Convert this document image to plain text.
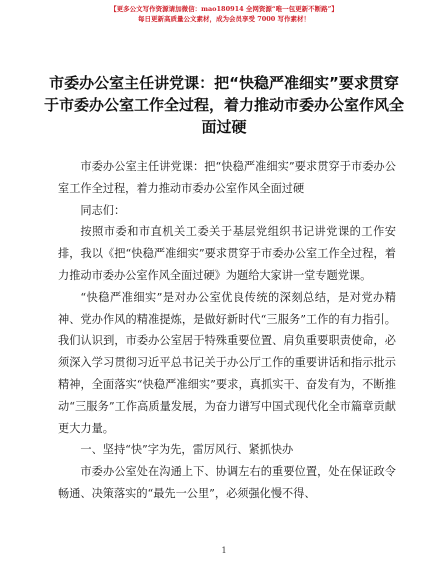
【更多公文写作资源请加微信：mao180914 全网资源“唯一包更新不断路”】
每日更新高质量公文素材，成为会员享受 7000 写作素材！
市委办公室主任讲党课：把“快稳严准细实”要求贯穿于市委办公室工作全过程，着力推动市委办公室作风全面过硬

市委办公室主任讲党课：把“快稳严准细实”要求贯穿于市委办公室工作全过程，着力推动市委办公室作风全面过硬

同志们：

按照市委和市直机关工委关于基层党组织书记讲党课的工作安排，我以《把“快稳严准细实”要求贯穿于市委办公室工作全过程，着力推动市委办公室作风全面过硬》为题给大家讲一堂专题党课。

“快稳严准细实”是对办公室优良传统的深刻总结，是对党办精神、党办作风的精准提炼，是做好新时代“三服务”工作的有力指引。我们认识到，市委办公室居于特殊重要位置、肩负重要职责使命，必须深入学习贯彻习近平总书记关于办公厅工作的重要讲话和指示批示精神，全面落实“快稳严准细实”要求，真抓实干、奋发有为，不断推动“三服务”工作高质量发展，为奋力谱写中国式现代化全市篇章贡献更大力量。

一、坚持“快”字为先，雷厉风行、紧抓快办

市委办公室处在沟通上下、协调左右的重要位置，处在保证政令畅通、决策落实的“最先一公里”，必须强化慢不得、

1
